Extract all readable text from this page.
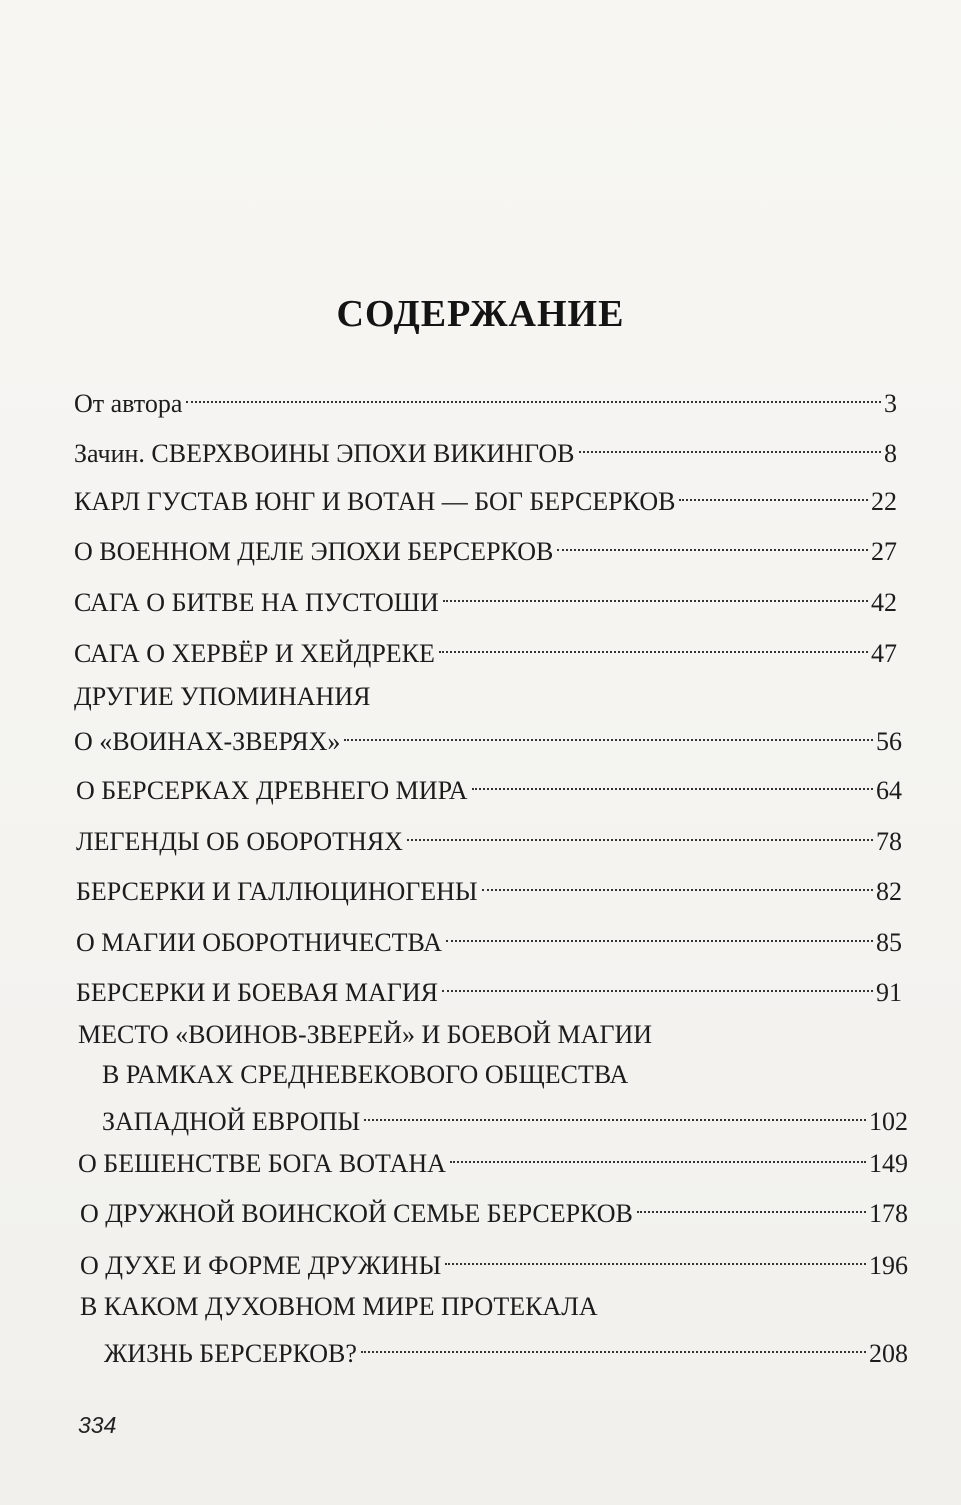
СОДЕРЖАНИЕ
От автора	3
Зачин. СВЕРХВОИНЫ ЭПОХИ ВИКИНГОВ	8
КАРЛ ГУСТАВ ЮНГ И ВОТАН — БОГ БЕРСЕРКОВ	22
О ВОЕННОМ ДЕЛЕ ЭПОХИ БЕРСЕРКОВ	27
САГА О БИТВЕ НА ПУСТОШИ	42
САГА О ХЕРВЁР И ХЕЙДРЕКЕ	47
ДРУГИЕ УПОМИНАНИЯ
О «ВОИНАХ-ЗВЕРЯХ»	56
О БЕРСЕРКАХ ДРЕВНЕГО МИРА	64
ЛЕГЕНДЫ ОБ ОБОРОТНЯХ	78
БЕРСЕРКИ И ГАЛЛЮЦИНОГЕНЫ	82
О МАГИИ ОБОРОТНИЧЕСТВА	85
БЕРСЕРКИ И БОЕВАЯ МАГИЯ	91
МЕСТО «ВОИНОВ-ЗВЕРЕЙ» И БОЕВОЙ МАГИИ
В РАМКАХ СРЕДНЕВЕКОВОГО ОБЩЕСТВА
ЗАПАДНОЙ ЕВРОПЫ	102
О БЕШЕНСТВЕ БОГА ВОТАНА	149
О ДРУЖНОЙ ВОИНСКОЙ СЕМЬЕ БЕРСЕРКОВ	178
О ДУХЕ И ФОРМЕ ДРУЖИНЫ	196
В КАКОМ ДУХОВНОМ МИРЕ ПРОТЕКАЛА
ЖИЗНЬ БЕРСЕРКОВ?	208
334
